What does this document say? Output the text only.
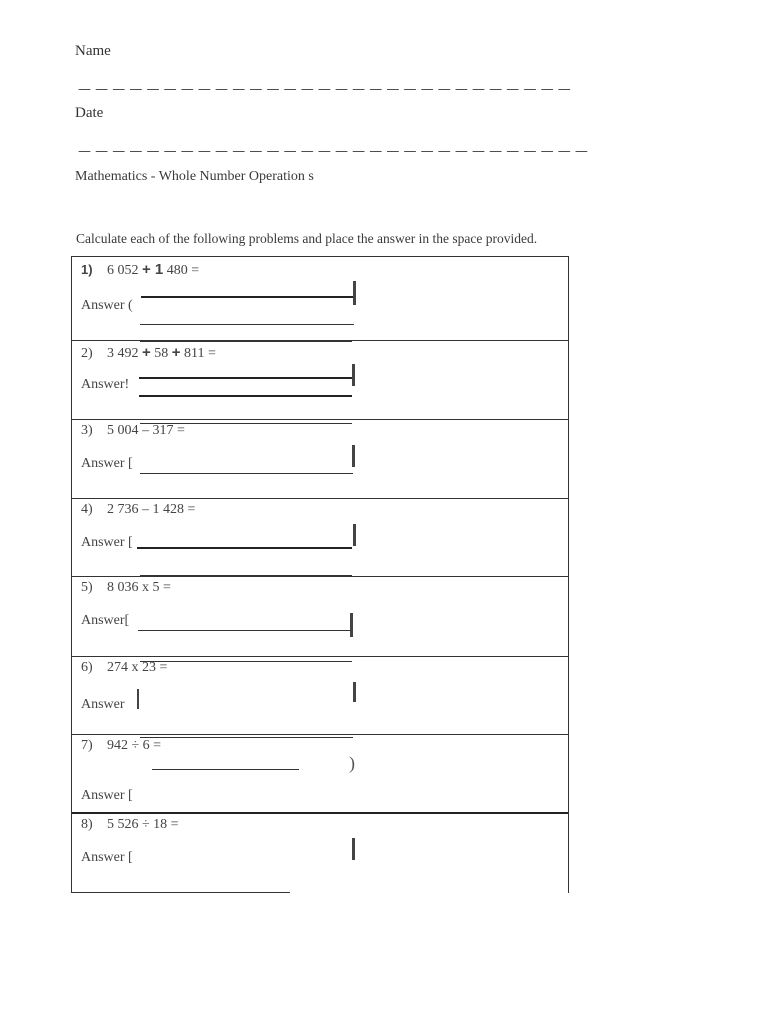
Name
— — — — — — — — — — — — — — — — — — — — — — — — — — — — —
Date
— — — — — — — — — — — — — — — — — — — — — — — — — — — — — —
Mathematics - Whole Number Operation s
Calculate each of the following problems and place the answer in the space provided.
1) 6 052 + 1 480 =
Answer (
2) 3 492 + 58 + 811 =
Answer!
3) 5 004 – 317 =
Answer [
4) 2 736 – 1 428 =
Answer [
5) 8 036 x 5 =
Answer[
6) 274 x 23 =
Answer
7) 942 ÷ 6 =
)
Answer [
8) 5 526 ÷ 18 =
Answer [
